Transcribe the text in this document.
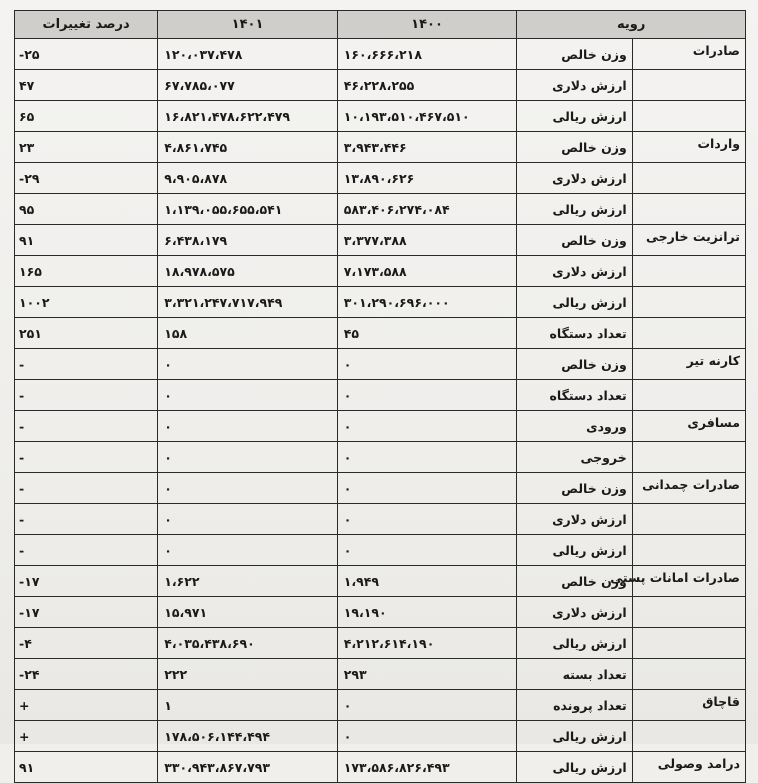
رویه		۱۴۰۰	۱۴۰۱	درصد تغییرات
صادرات	وزن خالص	۱۶۰،۶۶۶،۲۱۸	۱۲۰،۰۳۷،۴۷۸	-۲۵
	ارزش دلاری	۴۶،۲۲۸،۲۵۵	۶۷،۷۸۵،۰۷۷	۴۷
	ارزش ریالی	۱۰،۱۹۳،۵۱۰،۴۶۷،۵۱۰	۱۶،۸۲۱،۴۷۸،۶۲۲،۴۷۹	۶۵
واردات	وزن خالص	۳،۹۴۳،۴۴۶	۴،۸۶۱،۷۴۵	۲۳
	ارزش دلاری	۱۳،۸۹۰،۶۲۶	۹،۹۰۵،۸۷۸	-۲۹
	ارزش ریالی	۵۸۳،۴۰۶،۲۷۴،۰۸۴	۱،۱۳۹،۰۵۵،۶۵۵،۵۴۱	۹۵
ترانزیت خارجی	وزن خالص	۳،۳۷۷،۳۸۸	۶،۴۳۸،۱۷۹	۹۱
	ارزش دلاری	۷،۱۷۳،۵۸۸	۱۸،۹۷۸،۵۷۵	۱۶۵
	ارزش ریالی	۳۰۱،۲۹۰،۶۹۶،۰۰۰	۳،۳۲۱،۲۴۷،۷۱۷،۹۴۹	۱۰۰۲
	تعداد دستگاه	۴۵	۱۵۸	۲۵۱
کارنه تیر	وزن خالص	۰	۰	-
	تعداد دستگاه	۰	۰	-
مسافری	ورودی	۰	۰	-
	خروجی	۰	۰	-
صادرات چمدانی	وزن خالص	۰	۰	-
	ارزش دلاری	۰	۰	-
	ارزش ریالی	۰	۰	-
صادرات امانات پستی	وزن خالص	۱،۹۴۹	۱،۶۲۲	-۱۷
	ارزش دلاری	۱۹،۱۹۰	۱۵،۹۷۱	-۱۷
	ارزش ریالی	۴،۲۱۲،۶۱۴،۱۹۰	۴،۰۳۵،۴۳۸،۶۹۰	-۴
	تعداد بسته	۲۹۳	۲۲۲	-۲۴
قاچاق	تعداد پرونده	۰	۱	+
	ارزش ریالی	۰	۱۷۸،۵۰۶،۱۴۴،۴۹۴	+
درامد وصولی	ارزش ریالی	۱۷۳،۵۸۶،۸۲۶،۴۹۳	۳۳۰،۹۴۳،۸۶۷،۷۹۳	۹۱
